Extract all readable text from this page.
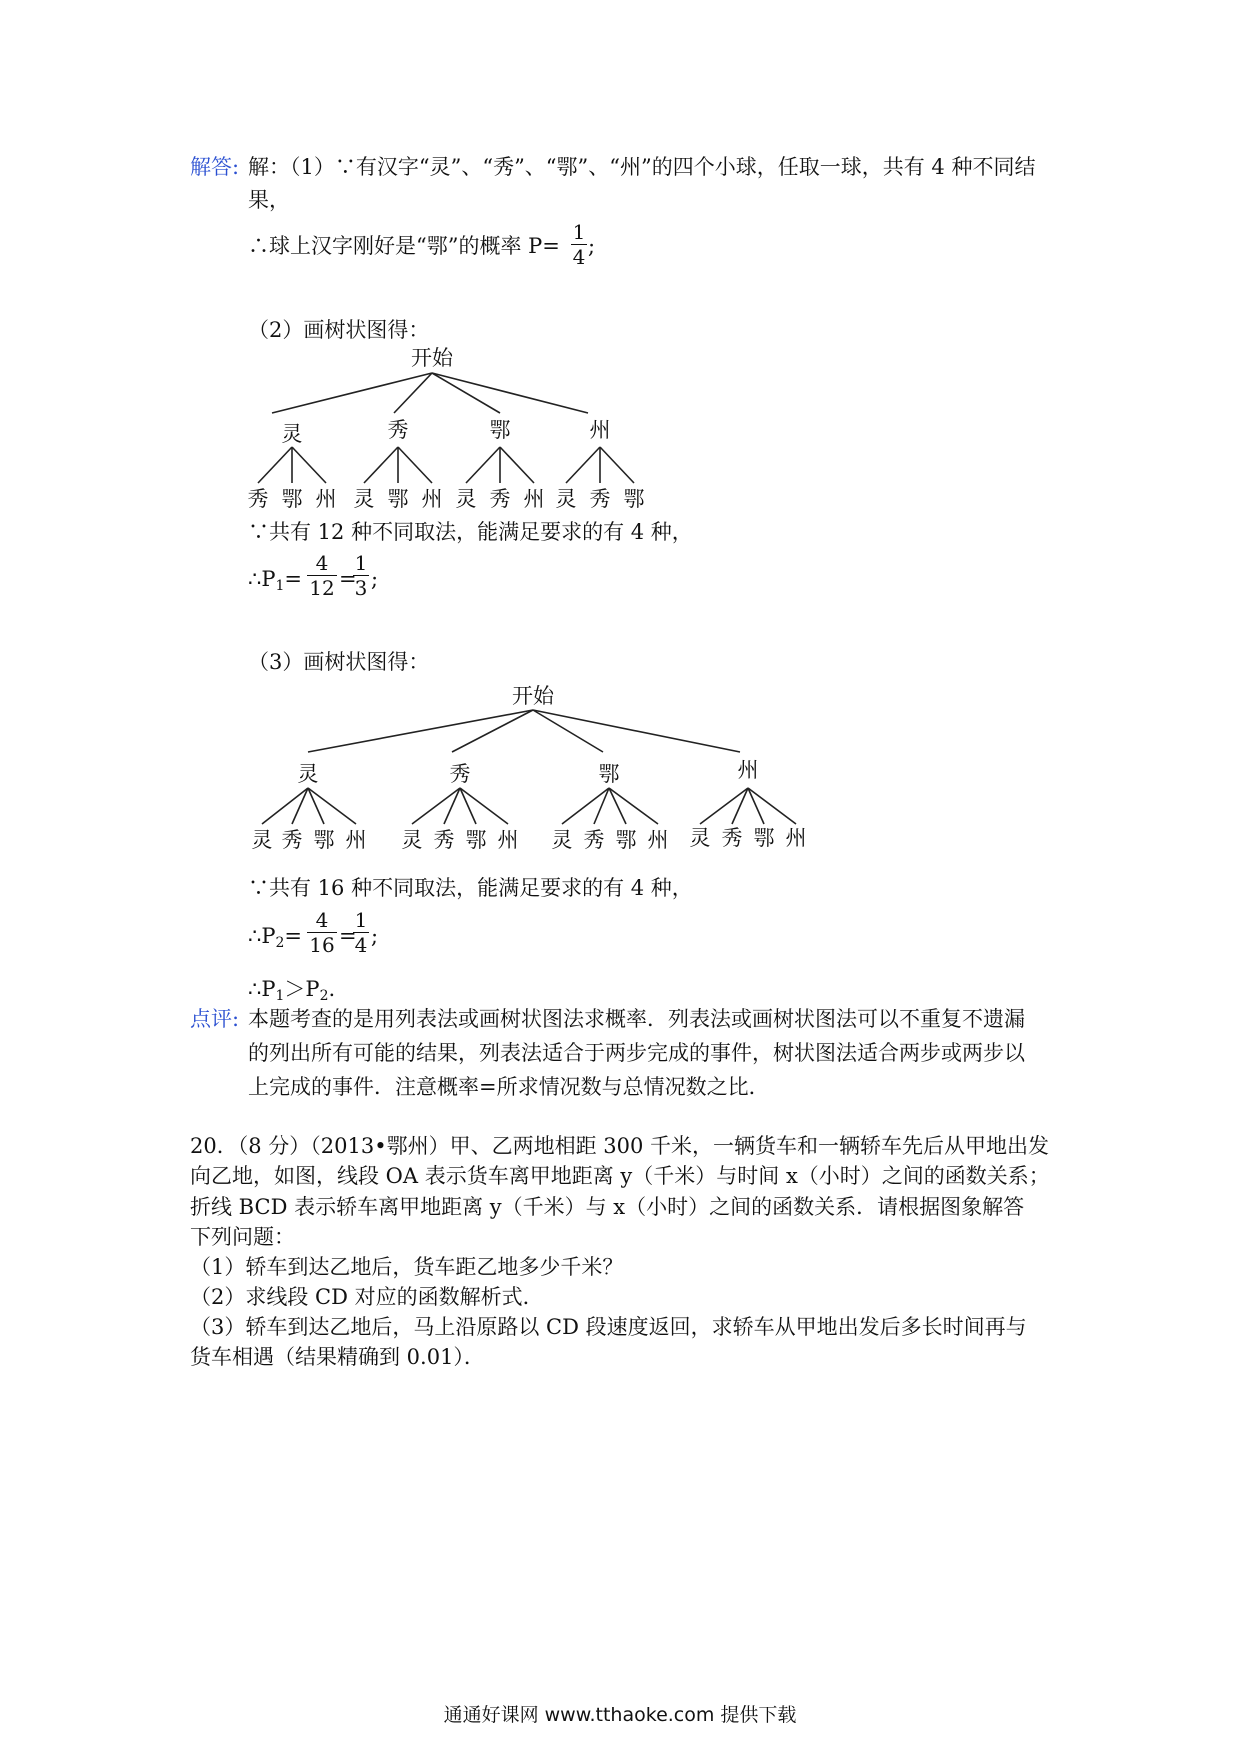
解答: 解：（1）∵有汉字“灵”、“秀”、“鄂”、“州”的四个小球，任取一球，共有 4 种不同结
果，
∴球上汉字刚好是“鄂”的概率 P=
1
4 ;
（2）画树状图得：
开始
灵	秀	鄂	州
秀 鄂 州 灵 鄂 州 灵 秀 州 灵 秀 鄂
∵共有 12 种不同取法，能满足要求的有 4 种，
$\therefore P_1=$
4
12 =
1
3 ;
（3）画树状图得：
开始
灵	秀	鄂	州
灵 秀 鄂 州 灵 秀 鄂 州 灵 秀 鄂 州 灵 秀 鄂 州
∵共有 16 种不同取法，能满足要求的有 4 种，
$\therefore P_2=$
4
16 =
1
4 ;
$\therefore P_1>P_2$.
点评: 本题考查的是用列表法或画树状图法求概率．列表法或画树状图法可以不重复不遗漏
的列出所有可能的结果，列表法适合于两步完成的事件，树状图法适合两步或两步以
上完成的事件．注意概率=所求情况数与总情况数之比．
20．（8 分）（2013•鄂州）甲、乙两地相距 300 千米，一辆货车和一辆轿车先后从甲地出发
向乙地，如图，线段 OA 表示货车离甲地距离 y（千米）与时间 x（小时）之间的函数关系；
折线 BCD 表示轿车离甲地距离 y（千米）与 x（小时）之间的函数关系．请根据图象解答
下列问题：
（1）轿车到达乙地后，货车距乙地多少千米？
（2）求线段 CD 对应的函数解析式．
（3）轿车到达乙地后，马上沿原路以 CD 段速度返回，求轿车从甲地出发后多长时间再与
货车相遇（结果精确到 0.01）．
通通好课网 www.tthaoke.com 提供下载
